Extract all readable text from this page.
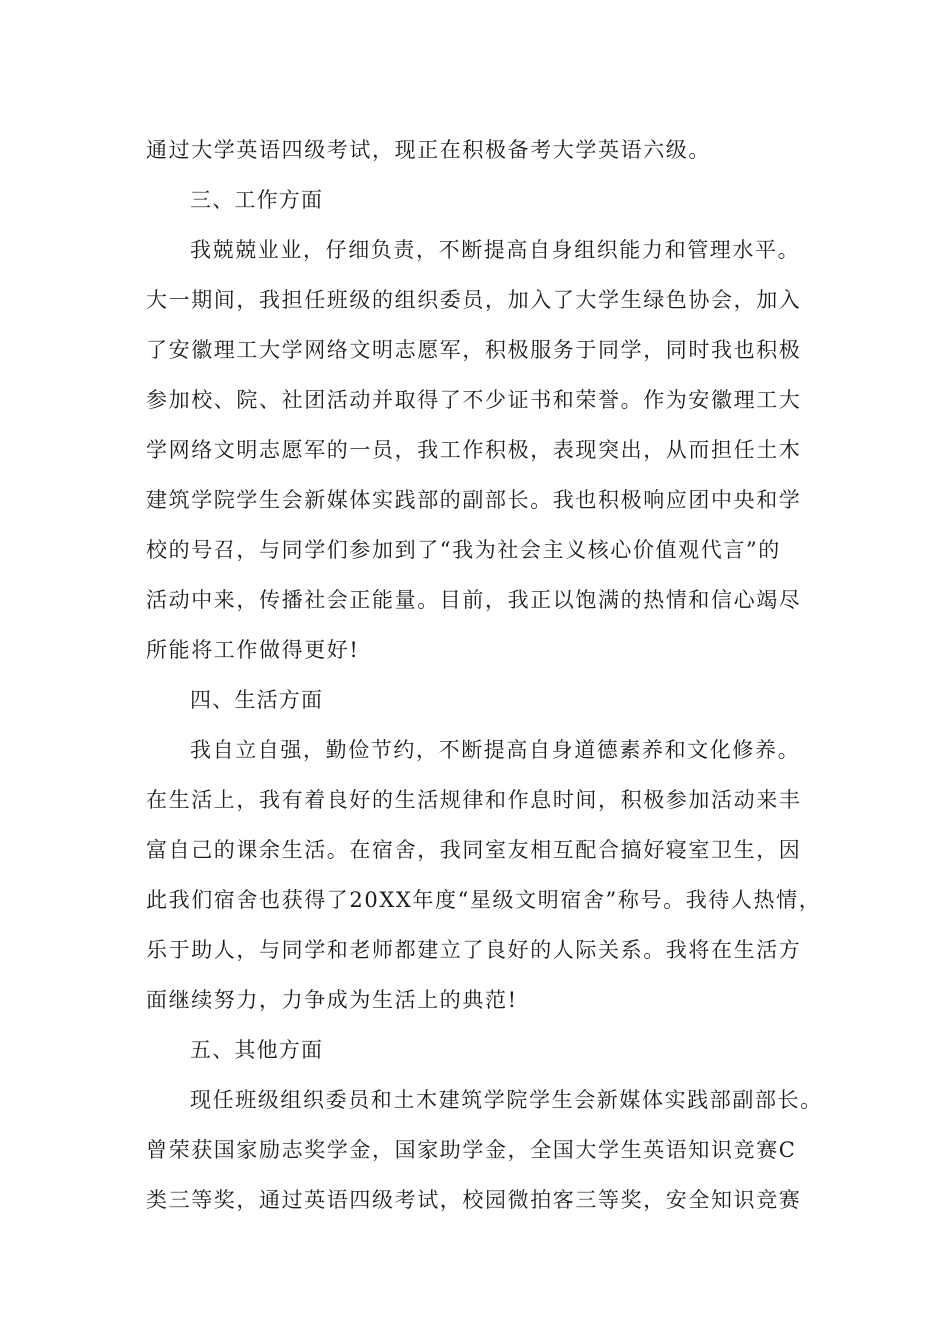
通过大学英语四级考试，现正在积极备考大学英语六级。
三、工作方面
我兢兢业业，仔细负责，不断提高自身组织能力和管理水平。
大一期间，我担任班级的组织委员，加入了大学生绿色协会，加入
了安徽理工大学网络文明志愿军，积极服务于同学，同时我也积极
参加校、院、社团活动并取得了不少证书和荣誉。作为安徽理工大
学网络文明志愿军的一员，我工作积极，表现突出，从而担任土木
建筑学院学生会新媒体实践部的副部长。我也积极响应团中央和学
校的号召，与同学们参加到了“我为社会主义核心价值观代言”的
活动中来，传播社会正能量。目前，我正以饱满的热情和信心竭尽
所能将工作做得更好!
四、生活方面
我自立自强，勤俭节约，不断提高自身道德素养和文化修养。
在生活上，我有着良好的生活规律和作息时间，积极参加活动来丰
富自己的课余生活。在宿舍，我同室友相互配合搞好寝室卫生，因
此我们宿舍也获得了20XX年度“星级文明宿舍”称号。我待人热情，
乐于助人，与同学和老师都建立了良好的人际关系。我将在生活方
面继续努力，力争成为生活上的典范!
五、其他方面
现任班级组织委员和土木建筑学院学生会新媒体实践部副部长。
曾荣获国家励志奖学金，国家助学金，全国大学生英语知识竞赛C
类三等奖，通过英语四级考试，校园微拍客三等奖，安全知识竞赛
